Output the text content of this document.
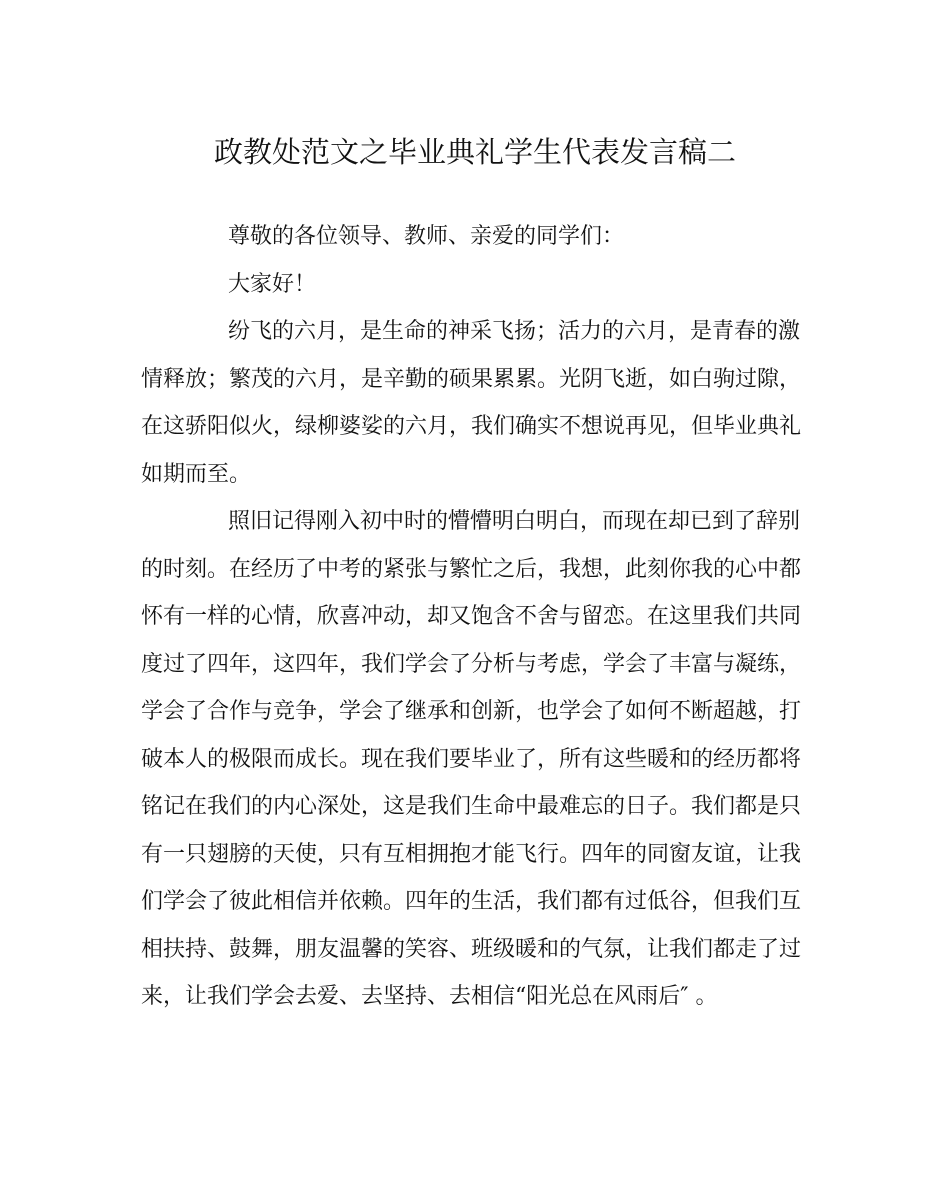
政教处范文之毕业典礼学生代表发言稿二
尊敬的各位领导、教师、亲爱的同学们：
大家好！
纷飞的六月，是生命的神采飞扬；活力的六月，是青春的激
情释放；繁茂的六月，是辛勤的硕果累累。光阴飞逝，如白驹过隙，
在这骄阳似火，绿柳婆娑的六月，我们确实不想说再见，但毕业典礼
如期而至。
照旧记得刚入初中时的懵懵明白明白，而现在却已到了辞别
的时刻。在经历了中考的紧张与繁忙之后，我想，此刻你我的心中都
怀有一样的心情，欣喜冲动，却又饱含不舍与留恋。在这里我们共同
度过了四年，这四年，我们学会了分析与考虑，学会了丰富与凝练，
学会了合作与竞争，学会了继承和创新，也学会了如何不断超越，打
破本人的极限而成长。现在我们要毕业了，所有这些暖和的经历都将
铭记在我们的内心深处，这是我们生命中最难忘的日子。我们都是只
有一只翅膀的天使，只有互相拥抱才能飞行。四年的同窗友谊，让我
们学会了彼此相信并依赖。四年的生活，我们都有过低谷，但我们互
相扶持、鼓舞，朋友温馨的笑容、班级暖和的气氛，让我们都走了过
来，让我们学会去爱、去坚持、去相信“阳光总在风雨后″ 。
